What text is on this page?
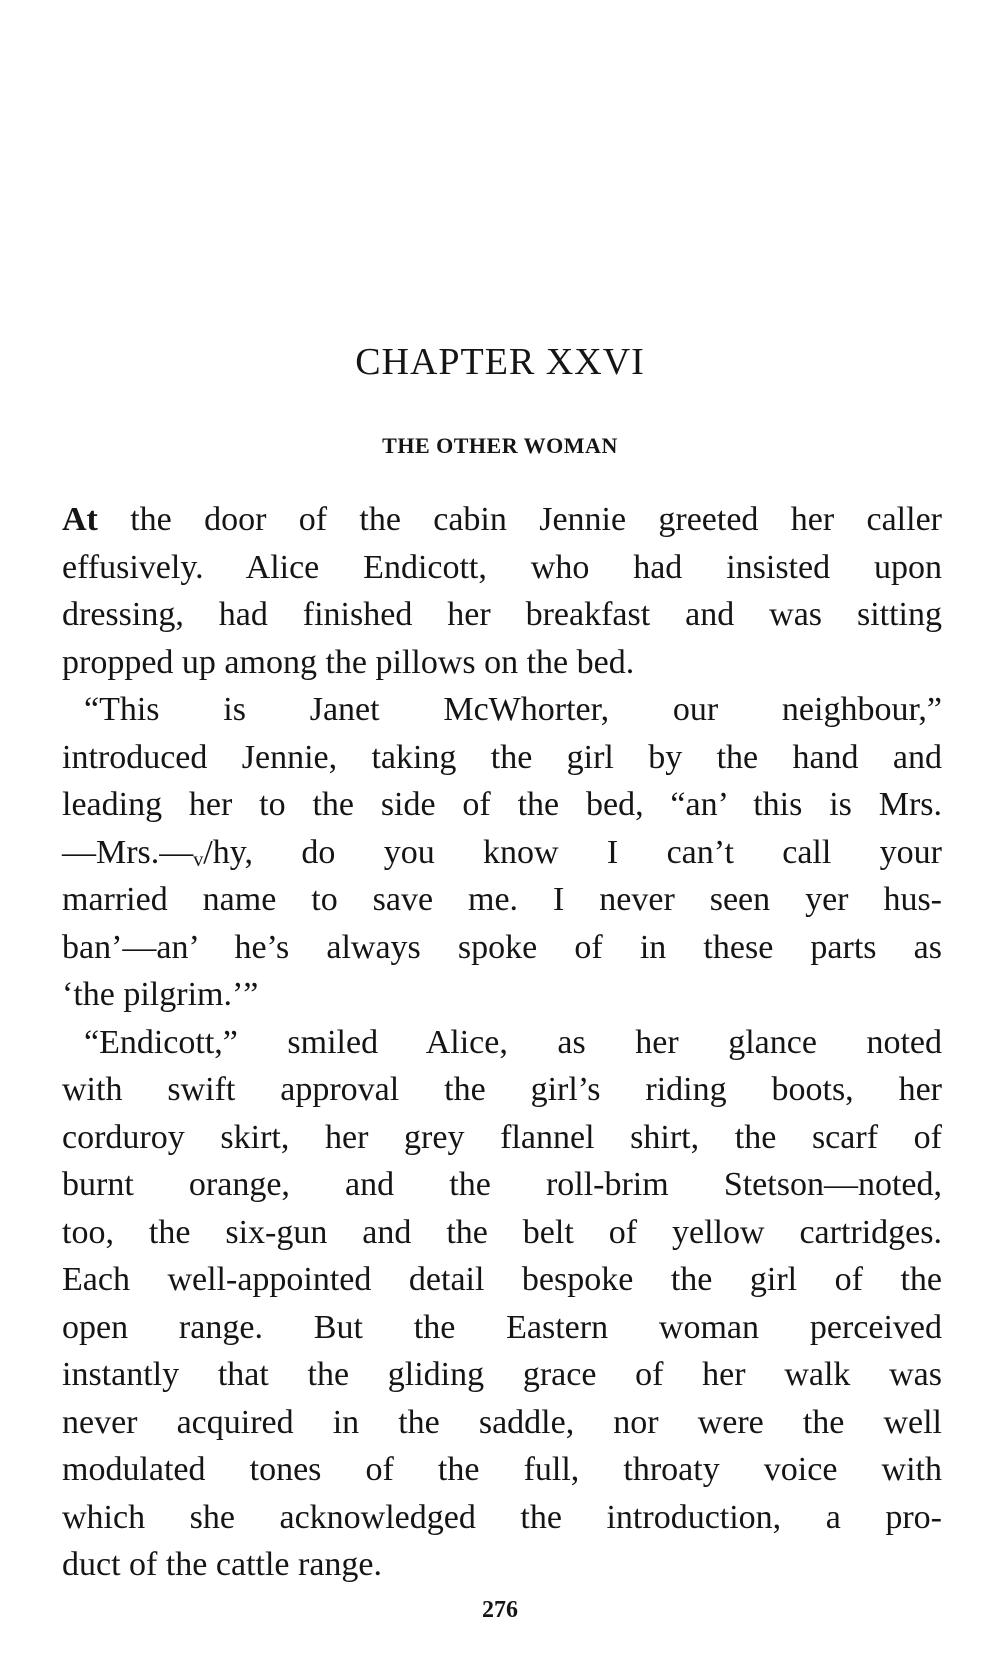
CHAPTER XXVI
THE OTHER WOMAN
At the door of the cabin Jennie greeted her caller
effusively. Alice Endicott, who had insisted upon
dressing, had finished her breakfast and was sitting
propped up among the pillows on the bed.
“This is Janet McWhorter, our neighbour,”
introduced Jennie, taking the girl by the hand and
leading her to the side of the bed, “an’ this is Mrs.
—Mrs.—ᵥ/hy, do you know I can’t call your
married name to save me. I never seen yer hus-
ban’—an’ he’s always spoke of in these parts as
‘the pilgrim.’”
“Endicott,” smiled Alice, as her glance noted
with swift approval the girl’s riding boots, her
corduroy skirt, her grey flannel shirt, the scarf of
burnt orange, and the roll-brim Stetson—noted,
too, the six-gun and the belt of yellow cartridges.
Each well-appointed detail bespoke the girl of the
open range. But the Eastern woman perceived
instantly that the gliding grace of her walk was
never acquired in the saddle, nor were the well
modulated tones of the full, throaty voice with
which she acknowledged the introduction, a pro-
duct of the cattle range.
276
